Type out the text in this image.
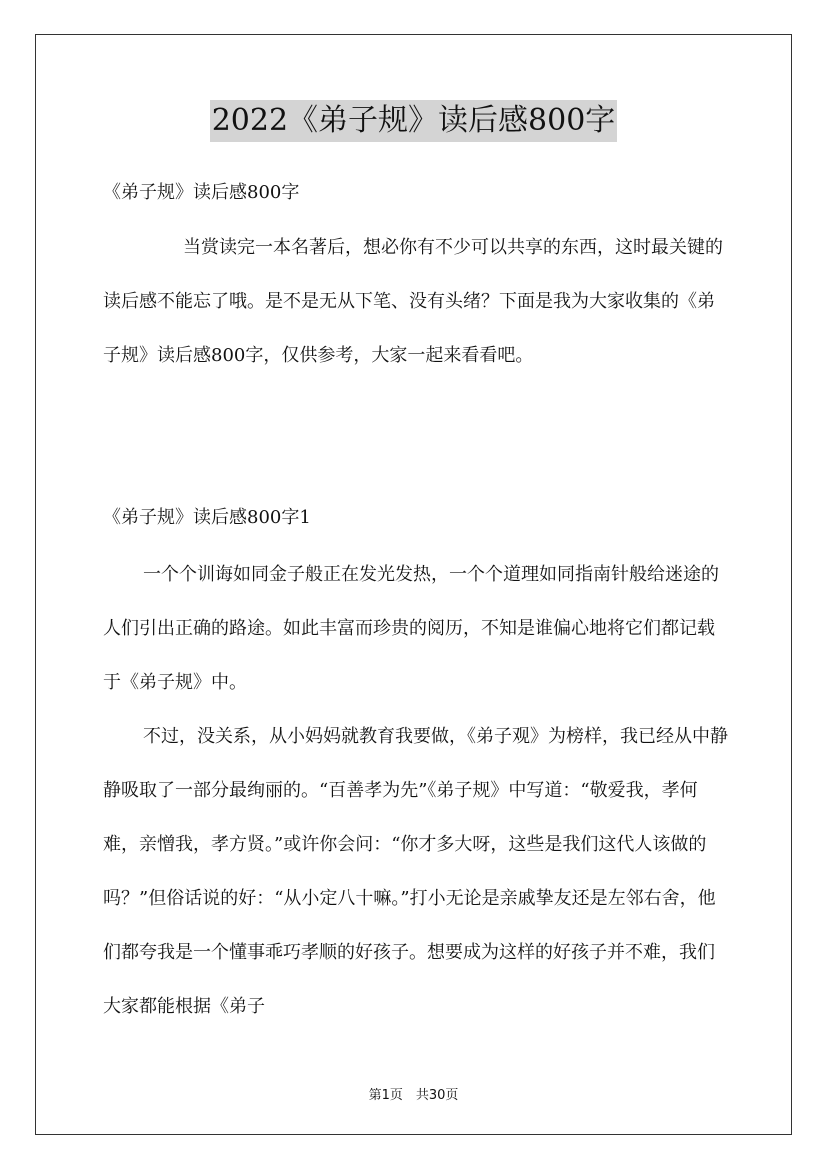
2022《弟子规》读后感800字
《弟子规》读后感800字

当赏读完一本名著后，想必你有不少可以共享的东西，这时最关键的读后感不能忘了哦。是不是无从下笔、没有头绪？下面是我为大家收集的《弟子规》读后感800字，仅供参考，大家一起来看看吧。

《弟子规》读后感800字1

一个个训诲如同金子般正在发光发热，一个个道理如同指南针般给迷途的人们引出正确的路途。如此丰富而珍贵的阅历，不知是谁偏心地将它们都记载于《弟子规》中。

不过，没关系，从小妈妈就教育我要做，《弟子观》为榜样，我已经从中静静吸取了一部分最绚丽的。“百善孝为先”《弟子规》中写道：“敬爱我，孝何难，亲憎我，孝方贤。”或许你会问：“你才多大呀，这些是我们这代人该做的吗？”但俗话说的好：“从小定八十嘛。”打小无论是亲戚挚友还是左邻右舍，他们都夸我是一个懂事乖巧孝顺的好孩子。想要成为这样的好孩子并不难，我们大家都能根据《弟子

第1页　共30页
